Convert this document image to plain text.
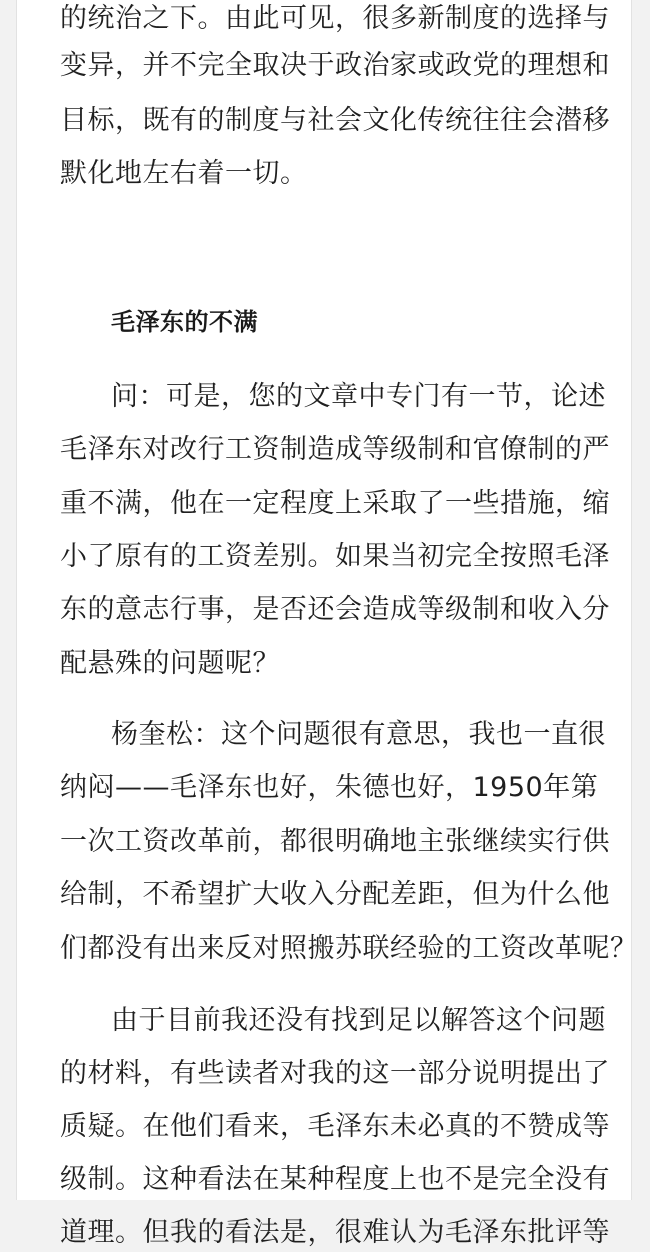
的统治之下。由此可见，很多新制度的选择与
变异，并不完全取决于政治家或政党的理想和
目标，既有的制度与社会文化传统往往会潜移
默化地左右着一切。
毛泽东的不满
问：可是，您的文章中专门有一节，论述
毛泽东对改行工资制造成等级制和官僚制的严
重不满，他在一定程度上采取了一些措施，缩
小了原有的工资差别。如果当初完全按照毛泽
东的意志行事，是否还会造成等级制和收入分
配悬殊的问题呢？
杨奎松：这个问题很有意思，我也一直很
纳闷——毛泽东也好，朱德也好，1950年第
一次工资改革前，都很明确地主张继续实行供
给制，不希望扩大收入分配差距，但为什么他
们都没有出来反对照搬苏联经验的工资改革呢？
由于目前我还没有找到足以解答这个问题
的材料，有些读者对我的这一部分说明提出了
质疑。在他们看来，毛泽东未必真的不赞成等
级制。这种看法在某种程度上也不是完全没有
道理。但我的看法是，很难认为毛泽东批评等
